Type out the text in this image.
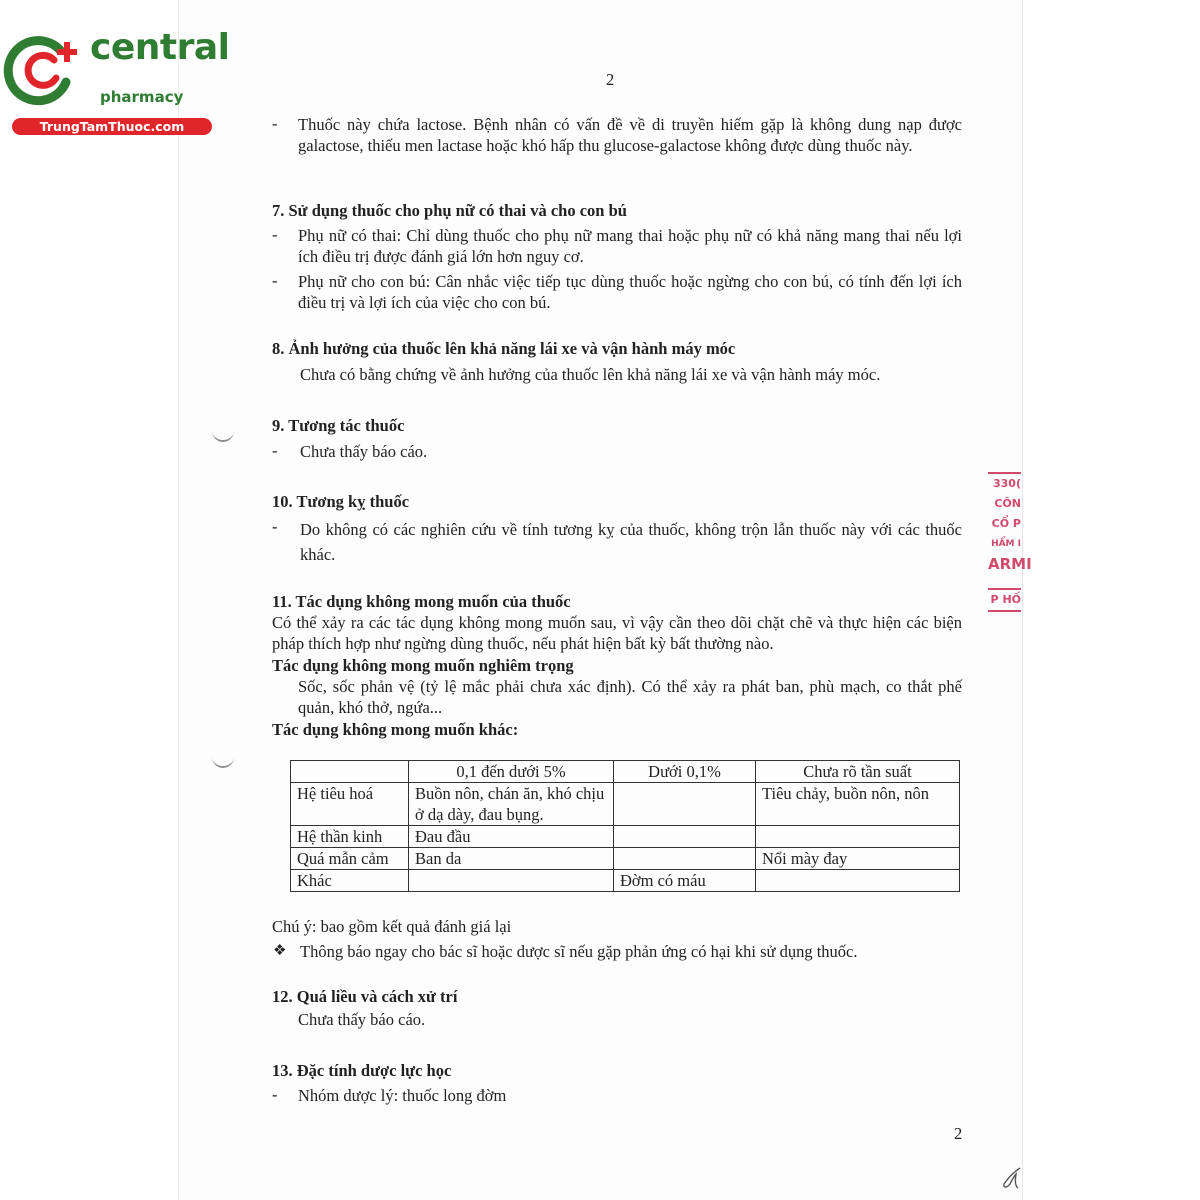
central
pharmacy
TrungTamThuoc.com
2
- Thuốc này chứa lactose. Bệnh nhân có vấn đề về di truyền hiếm gặp là không dung nạp được galactose, thiếu men lactase hoặc khó hấp thu glucose-galactose không được dùng thuốc này.
7. Sử dụng thuốc cho phụ nữ có thai và cho con bú
- Phụ nữ có thai: Chỉ dùng thuốc cho phụ nữ mang thai hoặc phụ nữ có khả năng mang thai nếu lợi ích điều trị được đánh giá lớn hơn nguy cơ.
- Phụ nữ cho con bú: Cân nhắc việc tiếp tục dùng thuốc hoặc ngừng cho con bú, có tính đến lợi ích điều trị và lợi ích của việc cho con bú.
8. Ảnh hưởng của thuốc lên khả năng lái xe và vận hành máy móc
Chưa có bằng chứng về ảnh hưởng của thuốc lên khả năng lái xe và vận hành máy móc.
9. Tương tác thuốc
- Chưa thấy báo cáo.
10. Tương kỵ thuốc
- Do không có các nghiên cứu về tính tương kỵ của thuốc, không trộn lẫn thuốc này với các thuốc khác.
11. Tác dụng không mong muốn của thuốc
Có thể xảy ra các tác dụng không mong muốn sau, vì vậy cần theo dõi chặt chẽ và thực hiện các biện pháp thích hợp như ngừng dùng thuốc, nếu phát hiện bất kỳ bất thường nào.
Tác dụng không mong muốn nghiêm trọng
Sốc, sốc phản vệ (tỷ lệ mắc phải chưa xác định). Có thể xảy ra phát ban, phù mạch, co thắt phế quản, khó thở, ngứa...
Tác dụng không mong muốn khác:
	0,1 đến dưới 5%	Dưới 0,1%	Chưa rõ tần suất
Hệ tiêu hoá	Buồn nôn, chán ăn, khó chịu ở dạ dày, đau bụng.		Tiêu chảy, buồn nôn, nôn
Hệ thần kinh	Đau đầu		
Quá mẫn cảm	Ban da		Nổi mày đay
Khác		Đờm có máu	
Chú ý: bao gồm kết quả đánh giá lại
❖ Thông báo ngay cho bác sĩ hoặc dược sĩ nếu gặp phản ứng có hại khi sử dụng thuốc.
12. Quá liều và cách xử trí
Chưa thấy báo cáo.
13. Đặc tính dược lực học
- Nhóm dược lý: thuốc long đờm
2
330(
CÔN
CỔ P
HẨM I
ARMI
P HỐ
